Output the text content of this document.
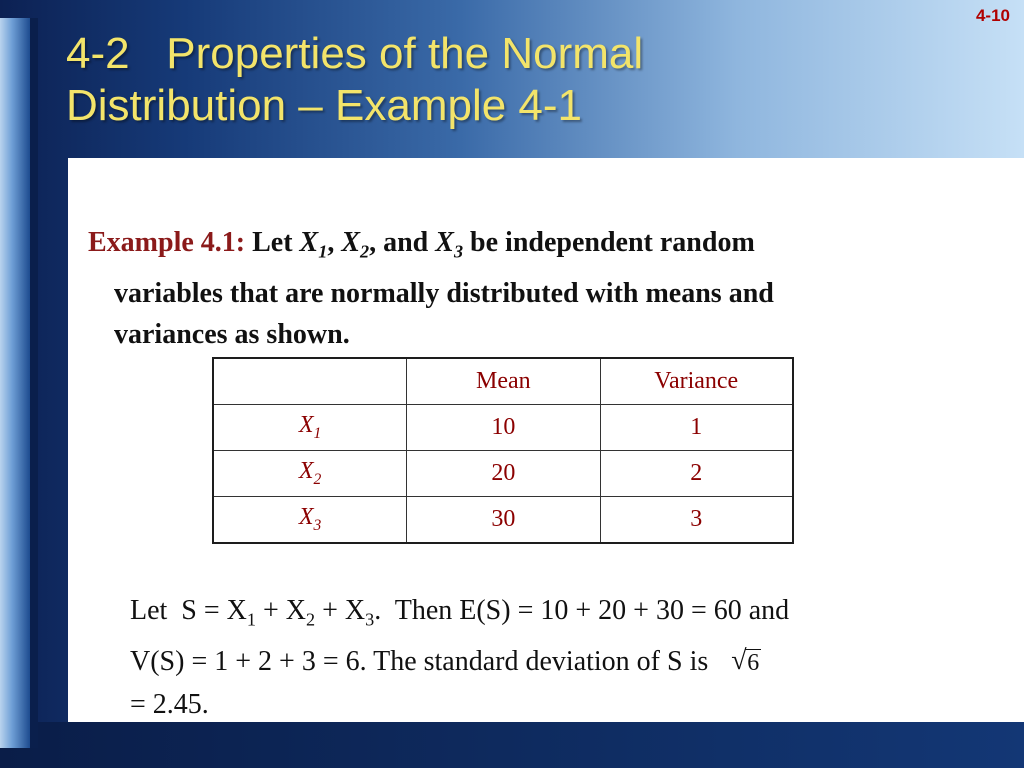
4-10
4-2   Properties of the Normal
Distribution – Example 4-1
Example 4.1: Let $X_1$, $X_2$, and $X_3$ be independent random
variables that are normally distributed with means and
variances as shown.
	Mean	Variance
$X_1$	10	1
$X_2$	20	2
$X_3$	30	3
Let  $S = X_1 + X_2 + X_3$.  Then E(S) = 10 + 20 + 30 = 60 and
V(S) = 1 + 2 + 3 = 6. The standard deviation of S is √ 6
= 2.45.
